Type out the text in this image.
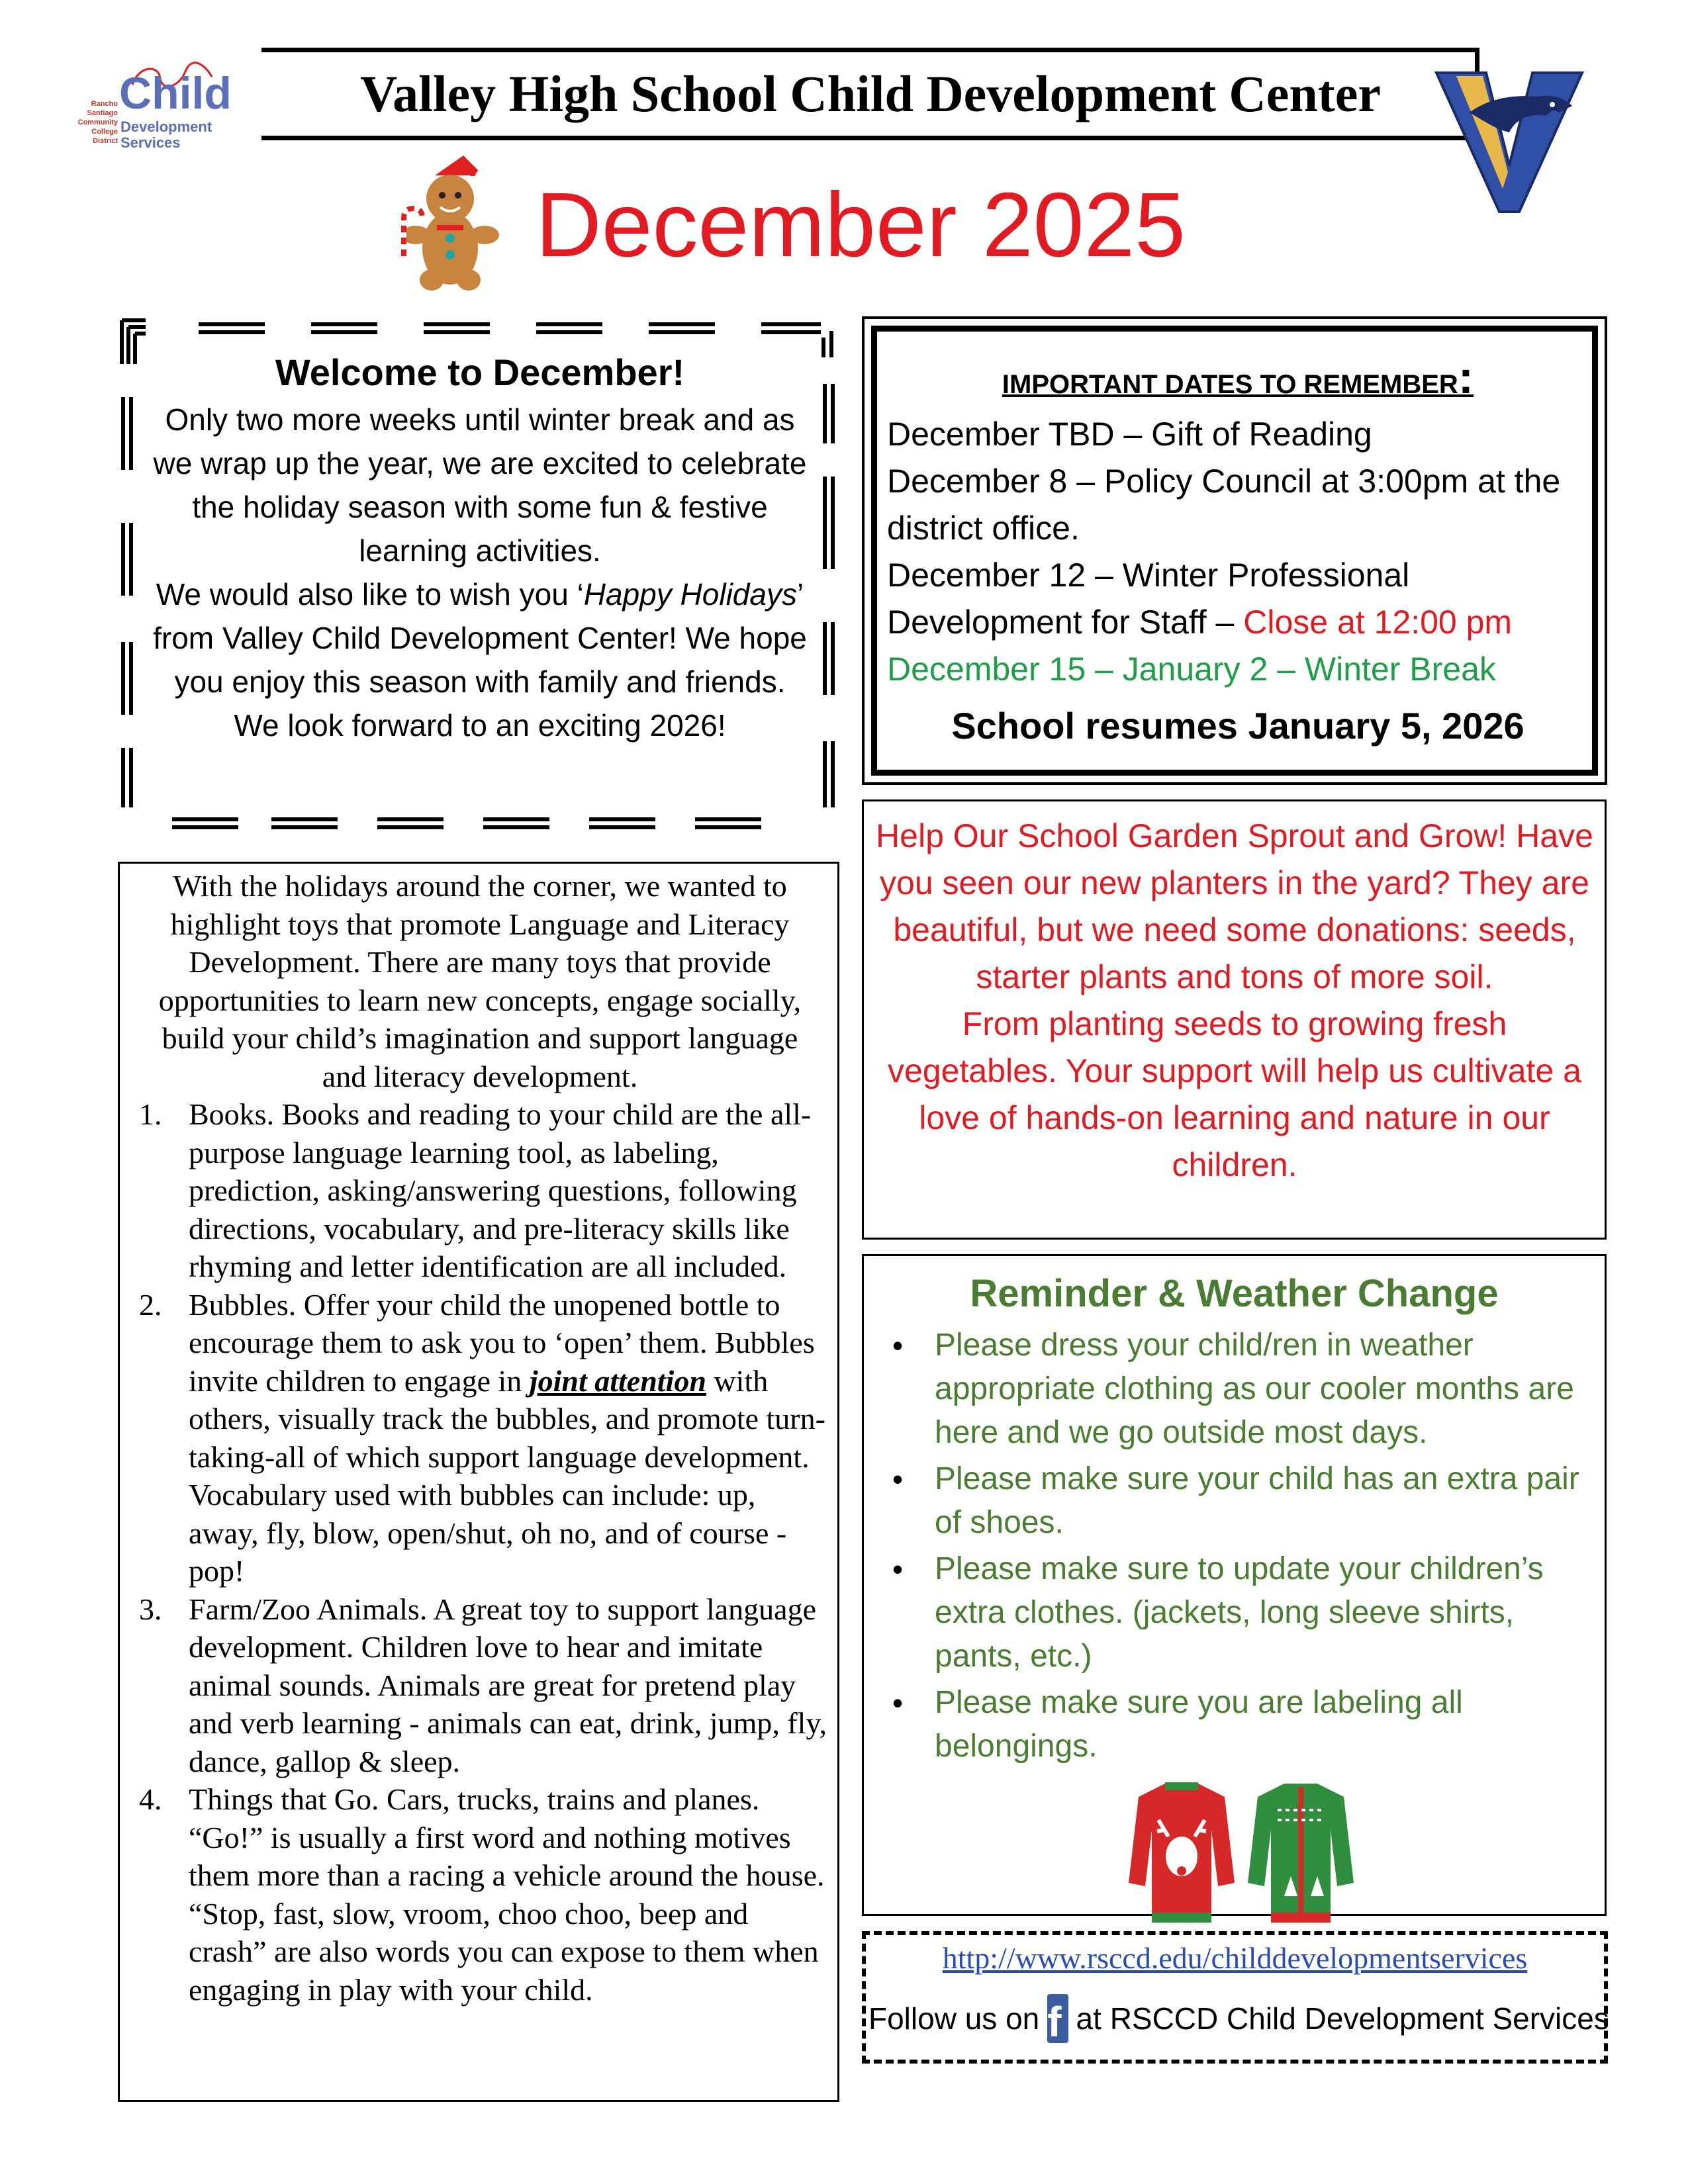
Child
Rancho
Santiago
Community
College
District
Development
Services
Valley High School Child Development Center
December 2025
Welcome to December!
Only two more weeks until winter break and as we wrap up the year, we are excited to celebrate the holiday season with some fun & festive learning activities.
We would also like to wish you ‘Happy Holidays’ from Valley Child Development Center! We hope you enjoy this season with family and friends.
We look forward to an exciting 2026!
With the holidays around the corner, we wanted to highlight toys that promote Language and Literacy Development. There are many toys that provide opportunities to learn new concepts, engage socially, build your child’s imagination and support language and literacy development.
1. Books. Books and reading to your child are the all-purpose language learning tool, as labeling, prediction, asking/answering questions, following directions, vocabulary, and pre-literacy skills like rhyming and letter identification are all included.
2. Bubbles. Offer your child the unopened bottle to encourage them to ask you to ‘open’ them. Bubbles invite children to engage in joint attention with others, visually track the bubbles, and promote turn-taking-all of which support language development. Vocabulary used with bubbles can include: up, away, fly, blow, open/shut, oh no, and of course - pop!
3. Farm/Zoo Animals. A great toy to support language development. Children love to hear and imitate animal sounds. Animals are great for pretend play and verb learning - animals can eat, drink, jump, fly, dance, gallop & sleep.
4. Things that Go. Cars, trucks, trains and planes. “Go!” is usually a first word and nothing motives them more than a racing a vehicle around the house. “Stop, fast, slow, vroom, choo choo, beep and crash” are also words you can expose to them when engaging in play with your child.
IMPORTANT DATES TO REMEMBER:
December TBD – Gift of Reading
December 8 – Policy Council at 3:00pm at the district office.
December 12 – Winter Professional Development for Staff – Close at 12:00 pm
December 15 – January 2 – Winter Break
School resumes January 5, 2026
Help Our School Garden Sprout and Grow! Have you seen our new planters in the yard? They are beautiful, but we need some donations: seeds, starter plants and tons of more soil.
From planting seeds to growing fresh vegetables. Your support will help us cultivate a love of hands-on learning and nature in our children.
Reminder & Weather Change
• Please dress your child/ren in weather appropriate clothing as our cooler months are here and we go outside most days.
• Please make sure your child has an extra pair of shoes.
• Please make sure to update your children’s extra clothes. (jackets, long sleeve shirts, pants, etc.)
• Please make sure you are labeling all belongings.
http://www.rsccd.edu/childdevelopmentservices
Follow us on f at RSCCD Child Development Services
